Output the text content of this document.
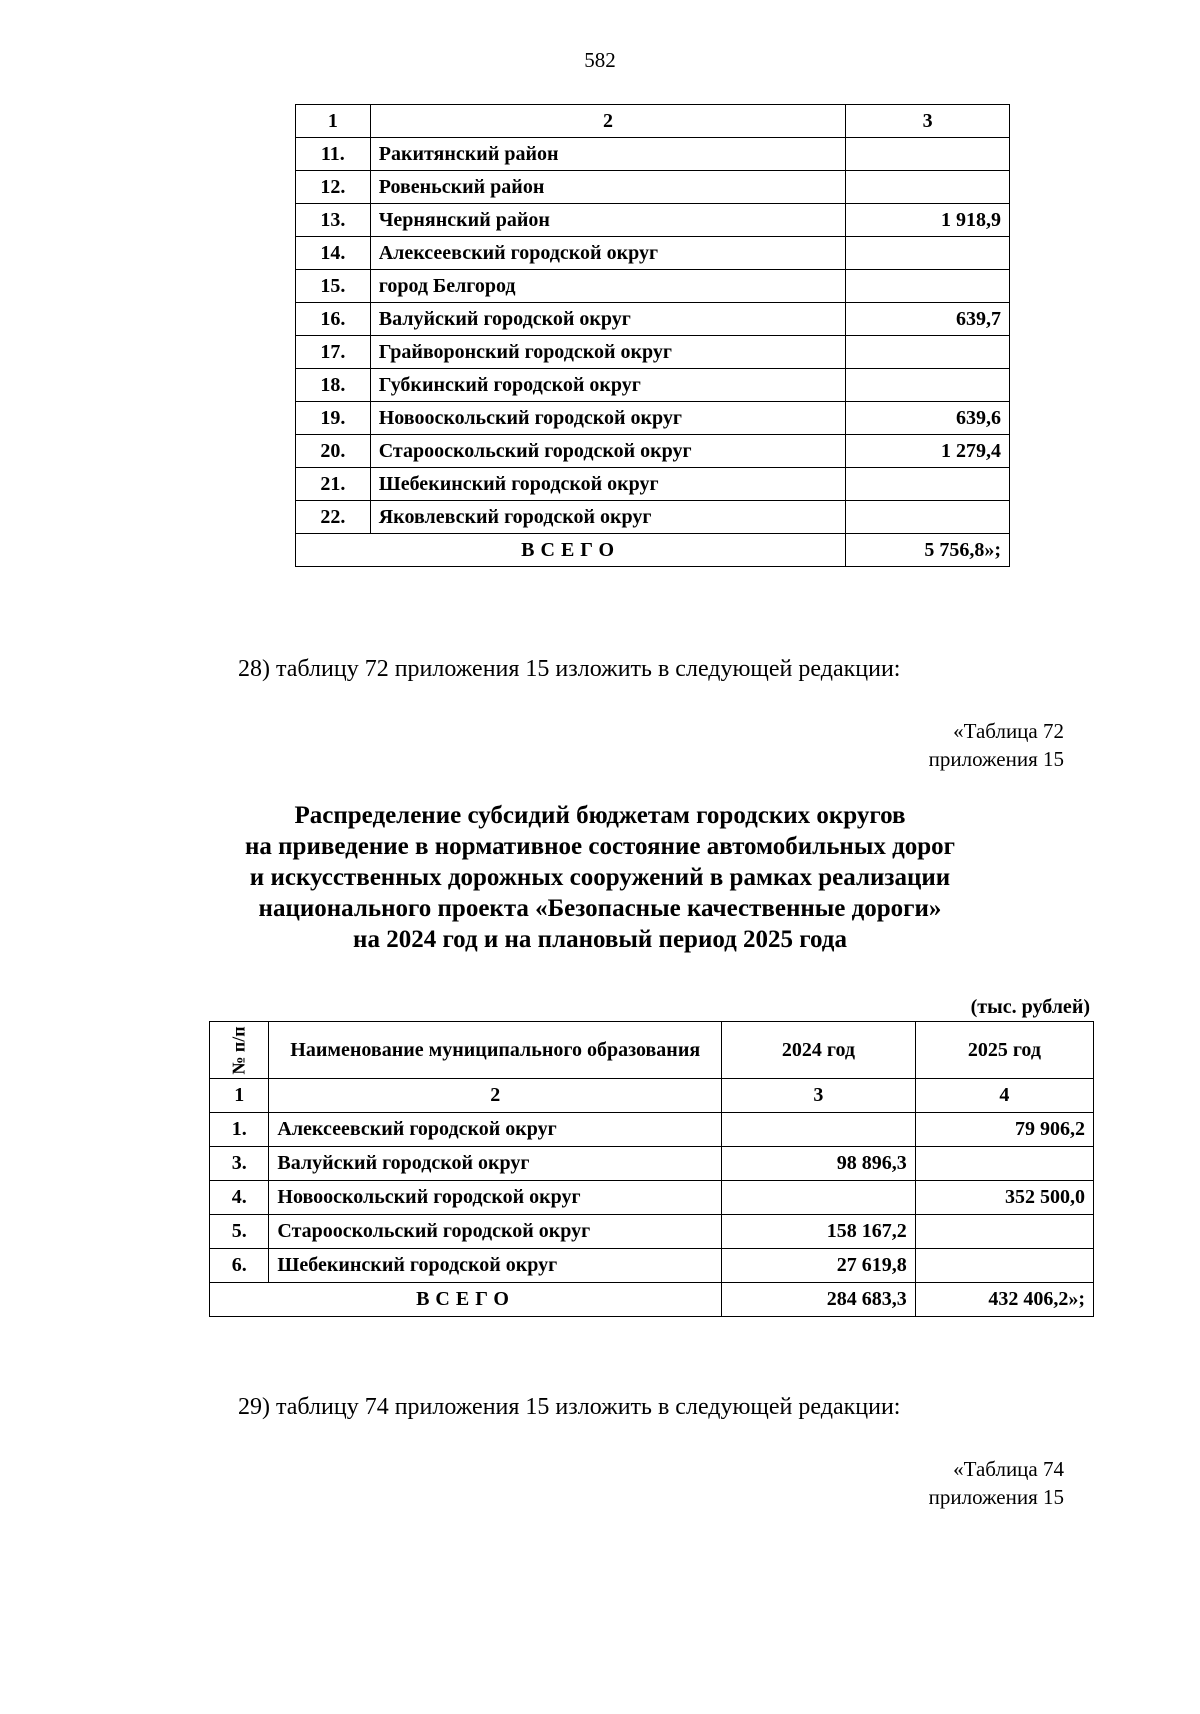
582
1	2	3
11.	Ракитянский район	
12.	Ровеньский район	
13.	Чернянский район	1 918,9
14.	Алексеевский городской округ	
15.	город Белгород	
16.	Валуйский городской округ	639,7
17.	Грайворонский городской округ	
18.	Губкинский городской округ	
19.	Новооскольский городской округ	639,6
20.	Старооскольский городской округ	1 279,4
21.	Шебекинский городской округ	
22.	Яковлевский городской округ	
ВСЕГО		5 756,8»;
28) таблицу 72 приложения 15 изложить в следующей редакции:
«Таблица 72
приложения 15
Распределение субсидий бюджетам городских округов
на приведение в нормативное состояние автомобильных дорог
и искусственных дорожных сооружений в рамках реализации
национального проекта «Безопасные качественные дороги»
на 2024 год и на плановый период 2025 года
(тыс. рублей)
№ п/п	Наименование муниципального образования	2024 год	2025 год
1	2	3	4
1.	Алексеевский городской округ		79 906,2
3.	Валуйский городской округ	98 896,3	
4.	Новооскольский городской округ		352 500,0
5.	Старооскольский городской округ	158 167,2	
6.	Шебекинский городской округ	27 619,8	
ВСЕГО		284 683,3	432 406,2»;
29) таблицу 74 приложения 15 изложить в следующей редакции:
«Таблица 74
приложения 15
